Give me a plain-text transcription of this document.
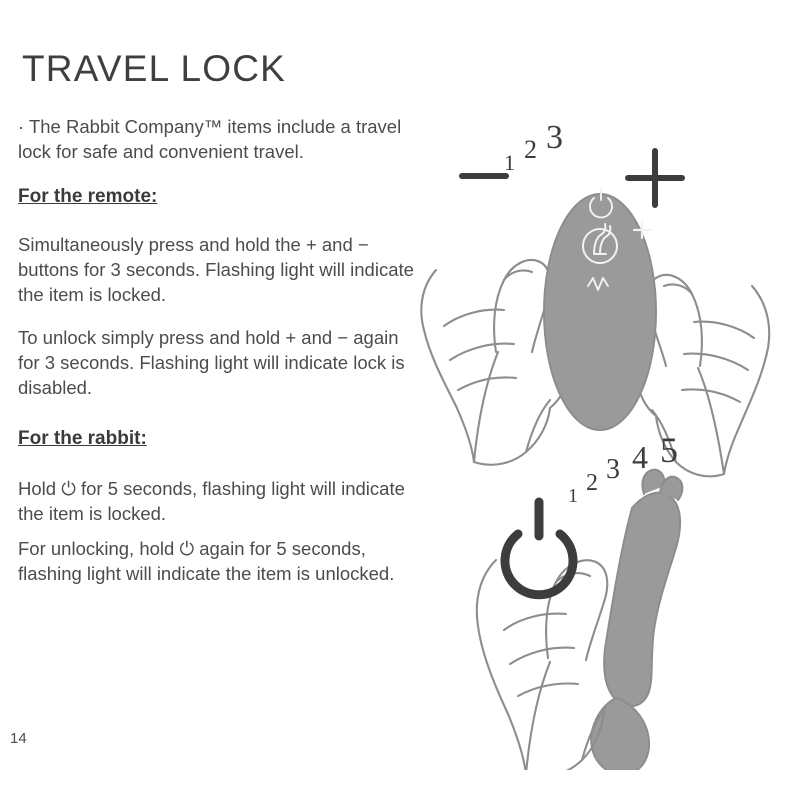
TRAVEL LOCK

· The Rabbit Company™ items include a travel lock for safe and convenient travel.

For the remote:

Simultaneously press and hold the + and − buttons for 3 seconds. Flashing light will indicate the item is locked.

To unlock simply press and hold + and − again for 3 seconds. Flashing light will indicate lock is disabled.

For the rabbit:

Hold ⏻ for 5 seconds, flashing light will indicate the item is locked.

For unlocking, hold ⏻ again for 5 seconds, flashing light will indicate the item is unlocked.

14
1 2 3
1 2 3 4 5
